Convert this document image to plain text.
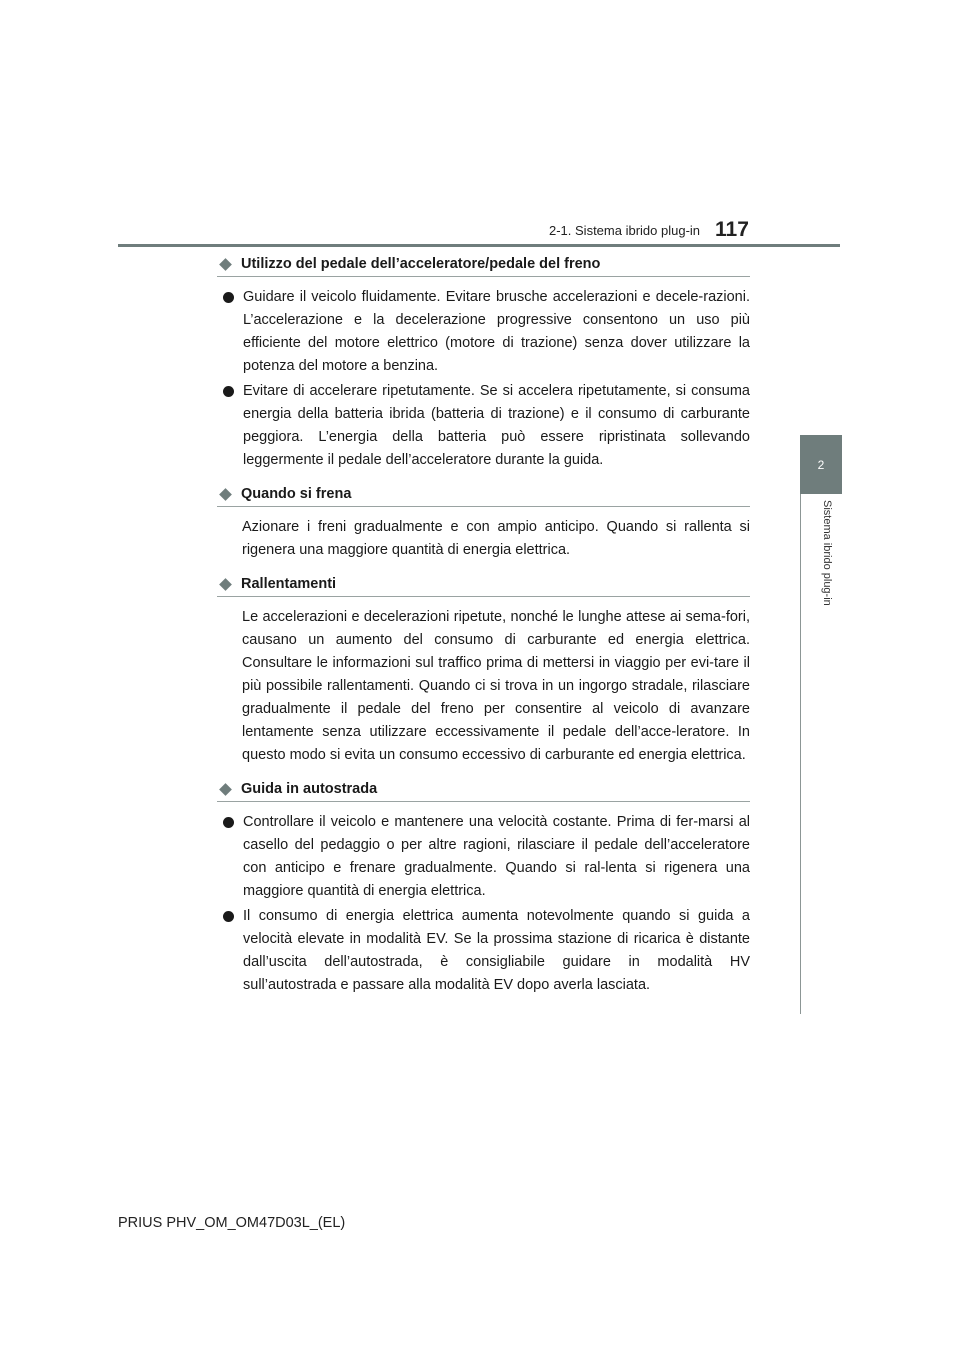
2-1. Sistema ibrido plug-in 117
2
Sistema ibrido plug-in
Utilizzo del pedale dell’acceleratore/pedale del freno
Guidare il veicolo fluidamente. Evitare brusche accelerazioni e decele-razioni. L’accelerazione e la decelerazione progressive consentono un uso più efficiente del motore elettrico (motore di trazione) senza dover utilizzare la potenza del motore a benzina.
Evitare di accelerare ripetutamente. Se si accelera ripetutamente, si consuma energia della batteria ibrida (batteria di trazione) e il consumo di carburante peggiora. L’energia della batteria può essere ripristinata sollevando leggermente il pedale dell’acceleratore durante la guida.
Quando si frena
Azionare i freni gradualmente e con ampio anticipo. Quando si rallenta si rigenera una maggiore quantità di energia elettrica.
Rallentamenti
Le accelerazioni e decelerazioni ripetute, nonché le lunghe attese ai sema-fori, causano un aumento del consumo di carburante ed energia elettrica. Consultare le informazioni sul traffico prima di mettersi in viaggio per evi-tare il più possibile rallentamenti. Quando ci si trova in un ingorgo stradale, rilasciare gradualmente il pedale del freno per consentire al veicolo di avanzare lentamente senza utilizzare eccessivamente il pedale dell’acce-leratore. In questo modo si evita un consumo eccessivo di carburante ed energia elettrica.
Guida in autostrada
Controllare il veicolo e mantenere una velocità costante. Prima di fer-marsi al casello del pedaggio o per altre ragioni, rilasciare il pedale dell’acceleratore con anticipo e frenare gradualmente. Quando si ral-lenta si rigenera una maggiore quantità di energia elettrica.
Il consumo di energia elettrica aumenta notevolmente quando si guida a velocità elevate in modalità EV. Se la prossima stazione di ricarica è distante dall’uscita dell’autostrada, è consigliabile guidare in modalità HV sull’autostrada e passare alla modalità EV dopo averla lasciata.
PRIUS PHV_OM_OM47D03L_(EL)
